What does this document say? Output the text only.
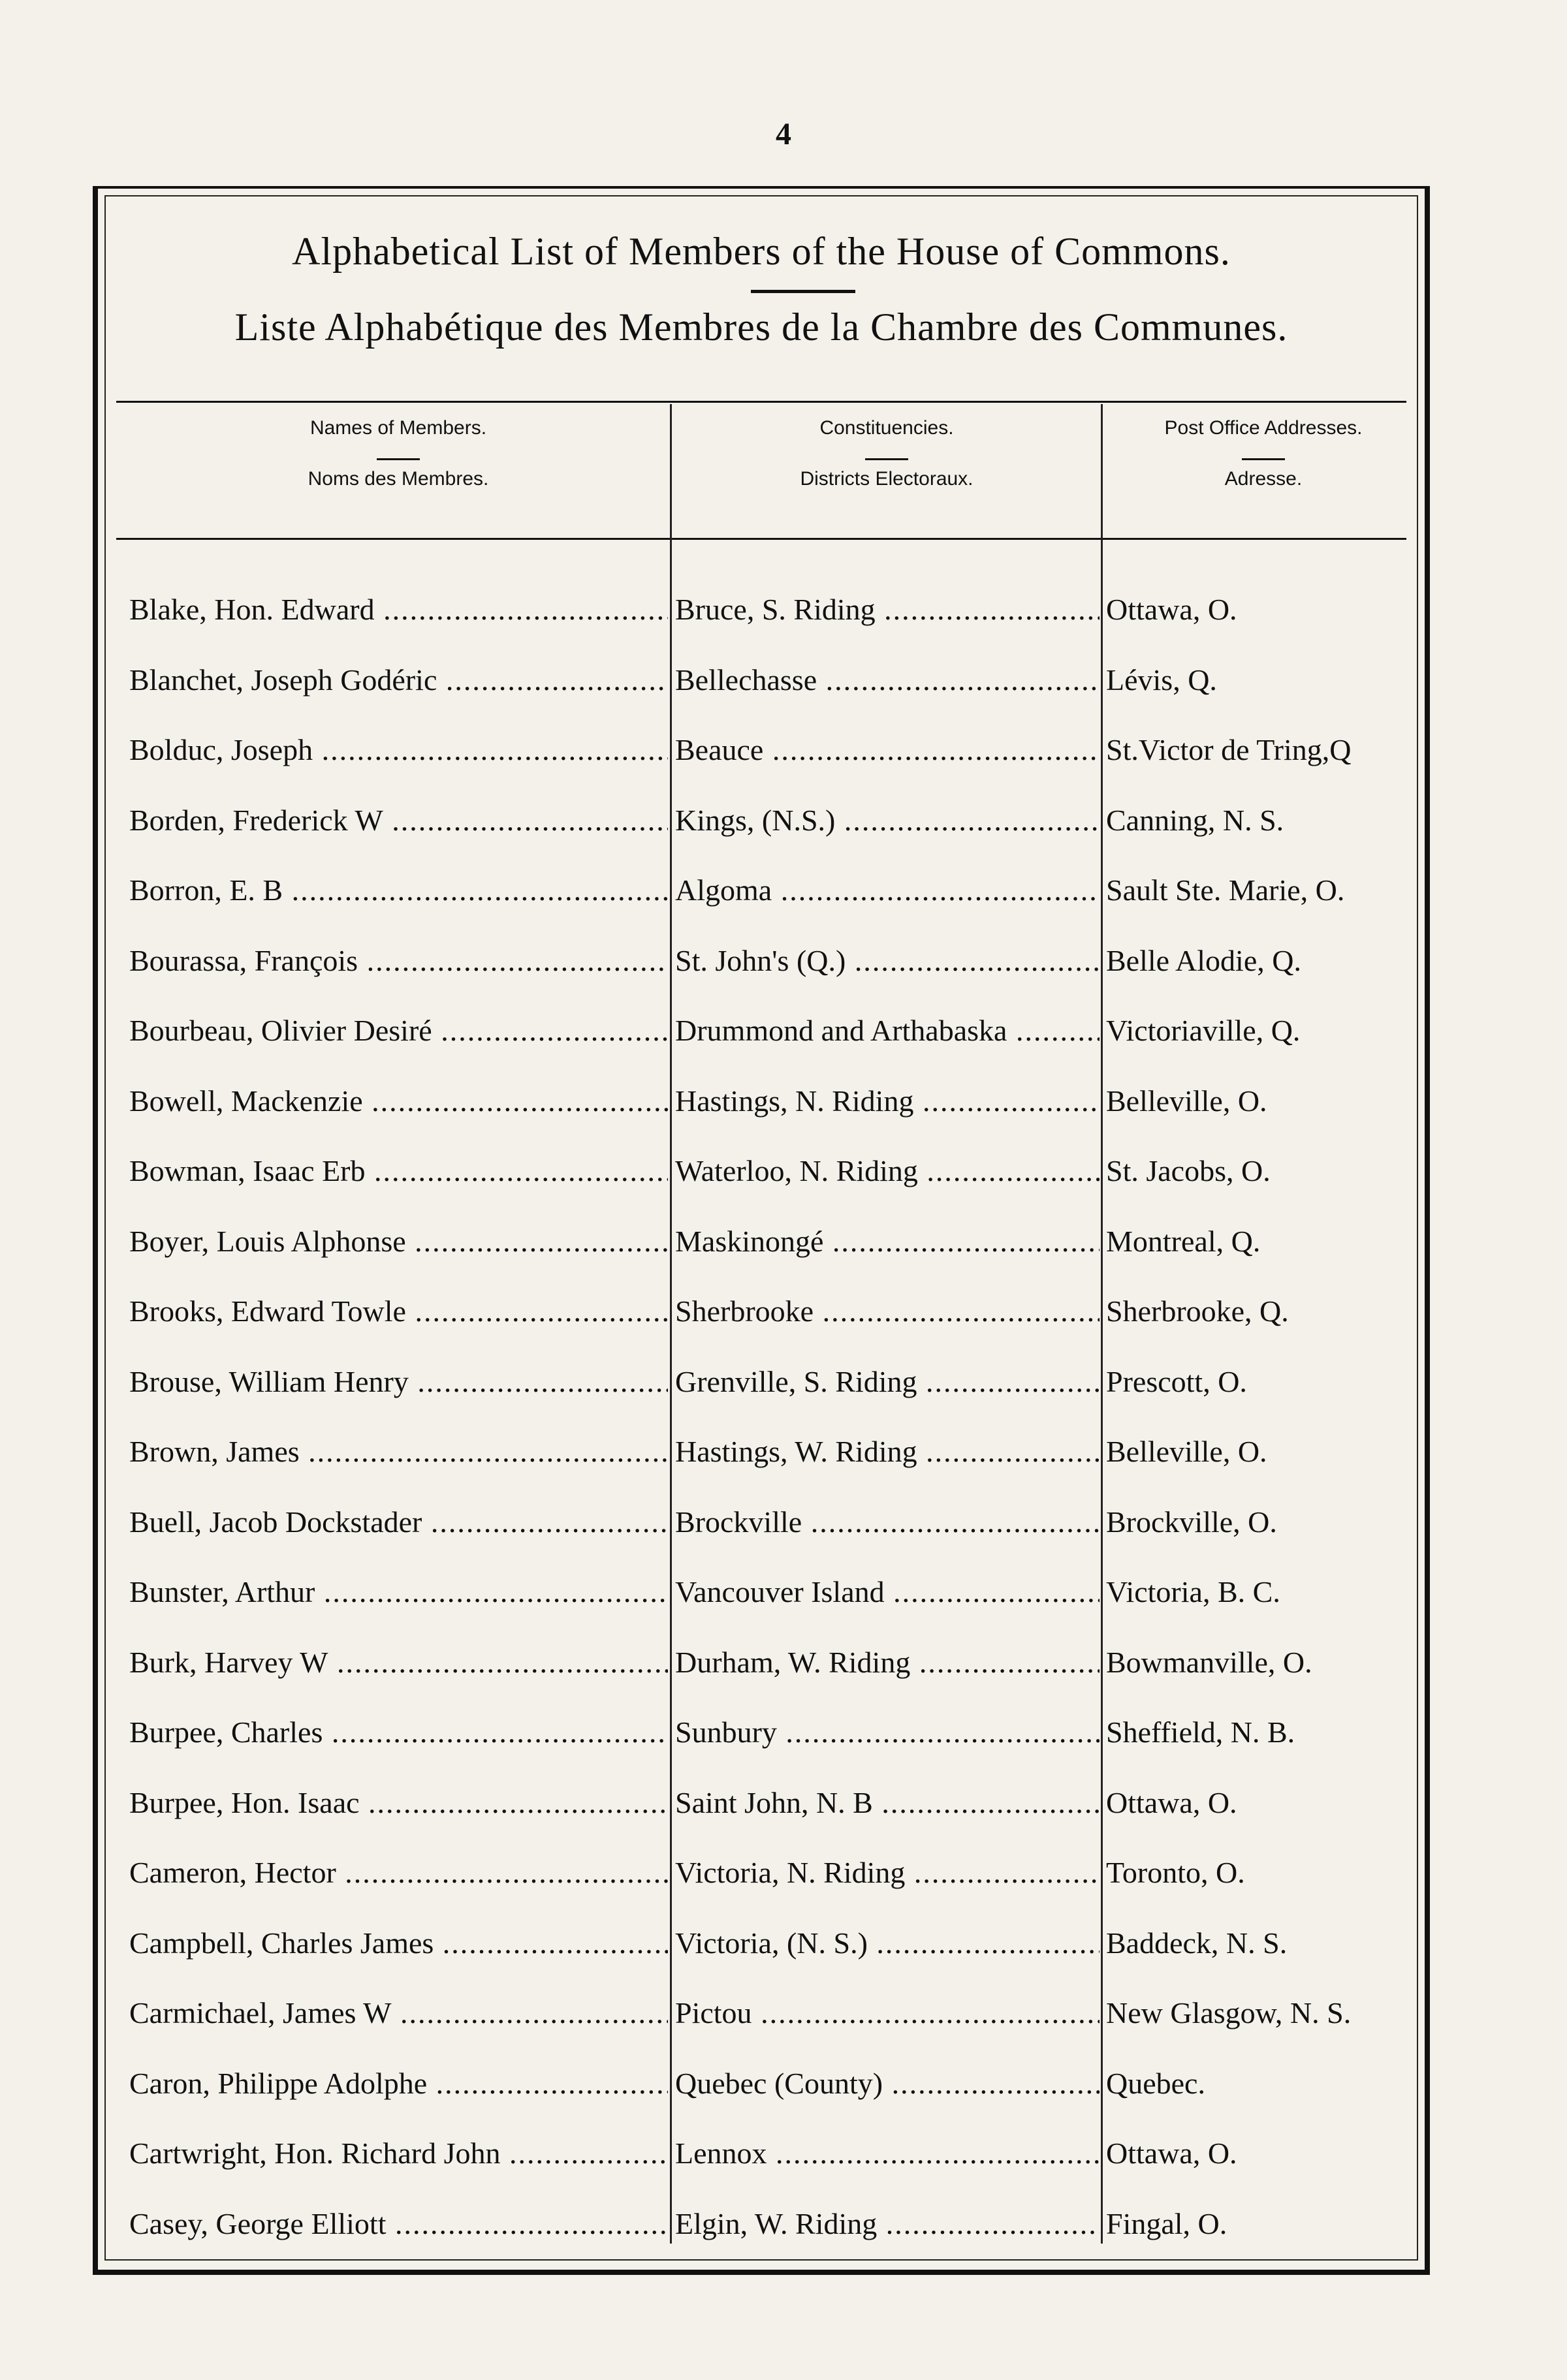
4
Alphabetical List of Members of the House of Commons.
Liste Alphabétique des Membres de la Chambre des Communes.
Names of Members.
Noms des Membres.
Constituencies.
Districts Electoraux.
Post Office Addresses.
Adresse.
Blake, Hon. Edward .....	Bruce, S. Riding .....	Ottawa, O.
Blanchet, Joseph Godéric .....	Bellechasse .....	Lévis, Q.
Bolduc, Joseph .....	Beauce .....	St.Victor de Tring,Q
Borden, Frederick W .....	Kings, (N.S.) .....	Canning, N. S.
Borron, E. B .....	Algoma .....	Sault Ste. Marie, O.
Bourassa, François .....	St. John's (Q.) .....	Belle Alodie, Q.
Bourbeau, Olivier Desiré .....	Drummond and Arthabaska .....	Victoriaville, Q.
Bowell, Mackenzie .....	Hastings, N. Riding .....	Belleville, O.
Bowman, Isaac Erb .....	Waterloo, N. Riding .....	St. Jacobs, O.
Boyer, Louis Alphonse .....	Maskinongé .....	Montreal, Q.
Brooks, Edward Towle .....	Sherbrooke .....	Sherbrooke, Q.
Brouse, William Henry .....	Grenville, S. Riding .....	Prescott, O.
Brown, James .....	Hastings, W. Riding .....	Belleville, O.
Buell, Jacob Dockstader .....	Brockville .....	Brockville, O.
Bunster, Arthur .....	Vancouver Island .....	Victoria, B. C.
Burk, Harvey W .....	Durham, W. Riding .....	Bowmanville, O.
Burpee, Charles .....	Sunbury .....	Sheffield, N. B.
Burpee, Hon. Isaac .....	Saint John, N. B .....	Ottawa, O.
Cameron, Hector .....	Victoria, N. Riding .....	Toronto, O.
Campbell, Charles James .....	Victoria, (N. S.) .....	Baddeck, N. S.
Carmichael, James W .....	Pictou .....	New Glasgow, N. S.
Caron, Philippe Adolphe .....	Quebec (County) .....	Quebec.
Cartwright, Hon. Richard John .....	Lennox .....	Ottawa, O.
Casey, George Elliott .....	Elgin, W. Riding .....	Fingal, O.
